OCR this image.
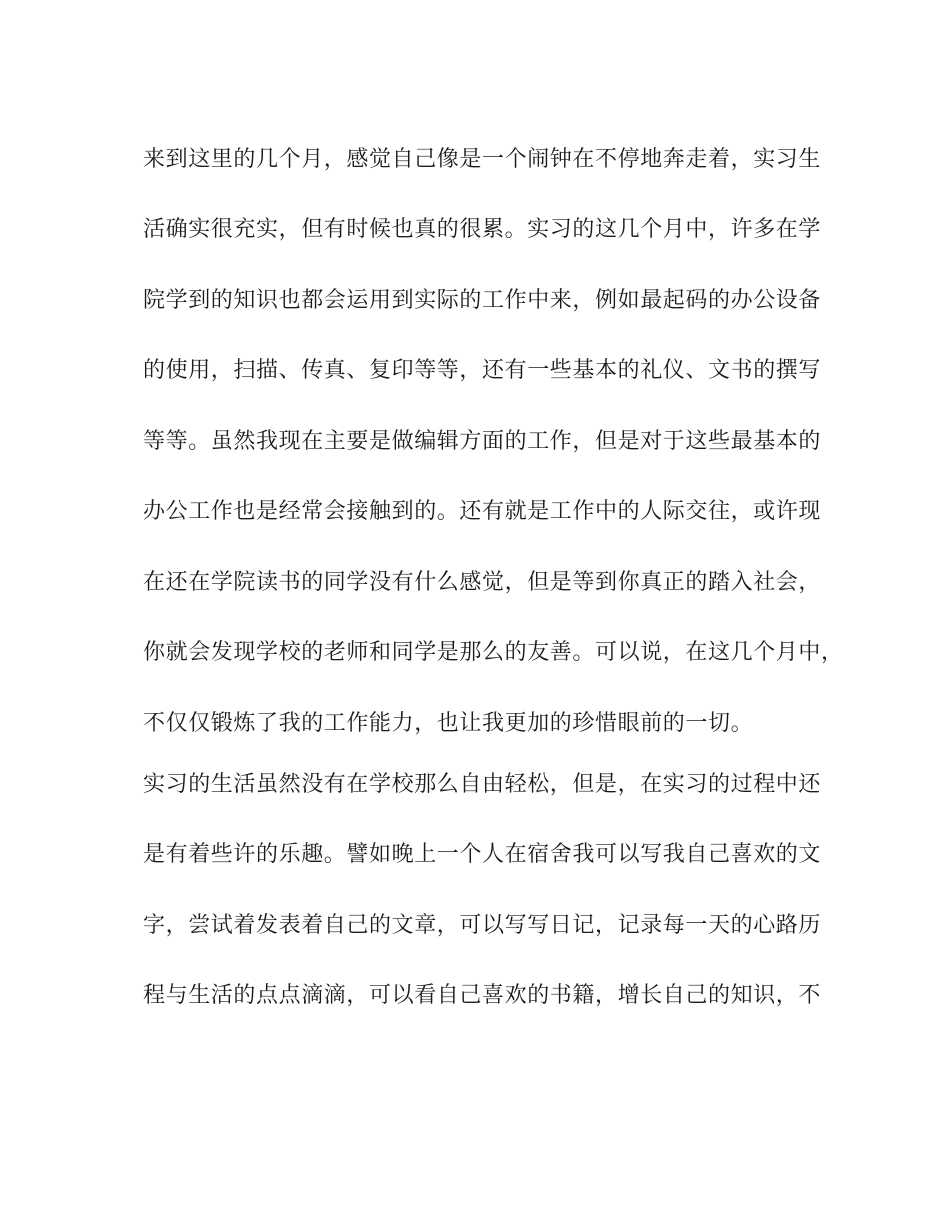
来到这里的几个月，感觉自己像是一个闹钟在不停地奔走着，实习生
活确实很充实，但有时候也真的很累。实习的这几个月中，许多在学
院学到的知识也都会运用到实际的工作中来，例如最起码的办公设备
的使用，扫描、传真、复印等等，还有一些基本的礼仪、文书的撰写
等等。虽然我现在主要是做编辑方面的工作，但是对于这些最基本的
办公工作也是经常会接触到的。还有就是工作中的人际交往，或许现
在还在学院读书的同学没有什么感觉，但是等到你真正的踏入社会，
你就会发现学校的老师和同学是那么的友善。可以说，在这几个月中，
不仅仅锻炼了我的工作能力，也让我更加的珍惜眼前的一切。
实习的生活虽然没有在学校那么自由轻松，但是，在实习的过程中还
是有着些许的乐趣。譬如晚上一个人在宿舍我可以写我自己喜欢的文
字，尝试着发表着自己的文章，可以写写日记，记录每一天的心路历
程与生活的点点滴滴，可以看自己喜欢的书籍，增长自己的知识，不
